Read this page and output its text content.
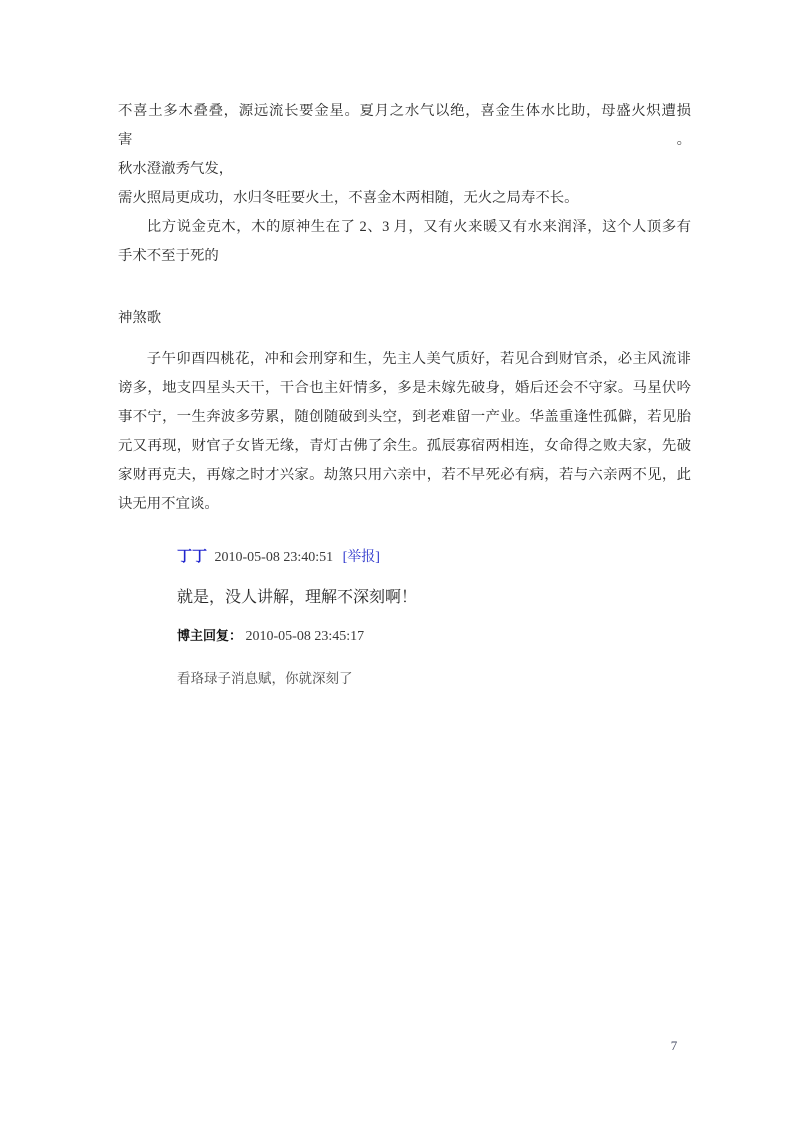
不喜土多木叠叠，源远流长要金星。夏月之水气以绝，喜金生体水比助，母盛火炽遭损害。
秋水澄澈秀气发，
需火照局更成功，水归冬旺要火土，不喜金木两相随，无火之局寿不长。

比方说金克木，木的原神生在了 2、3 月，又有火来暖又有水来润泽，这个人顶多有
手术不至于死的

神煞歌

子午卯酉四桃花，冲和会刑穿和生，先主人美气质好，若见合到财官杀，必主风流诽
谤多，地支四星头天干，干合也主奸情多，多是未嫁先破身，婚后还会不守家。马星伏吟
事不宁，一生奔波多劳累，随创随破到头空，到老难留一产业。华盖重逢性孤僻，若见胎
元又再现，财官子女皆无缘，青灯古佛了余生。孤辰寡宿两相连，女命得之败夫家，先破
家财再克夫，再嫁之时才兴家。劫煞只用六亲中，若不早死必有病，若与六亲两不见，此
诀无用不宜谈。

丁丁 2010-05-08 23:40:51 [举报]
就是，没人讲解，理解不深刻啊！
博主回复： 2010-05-08 23:45:17
看珞琭子消息赋，你就深刻了
7
